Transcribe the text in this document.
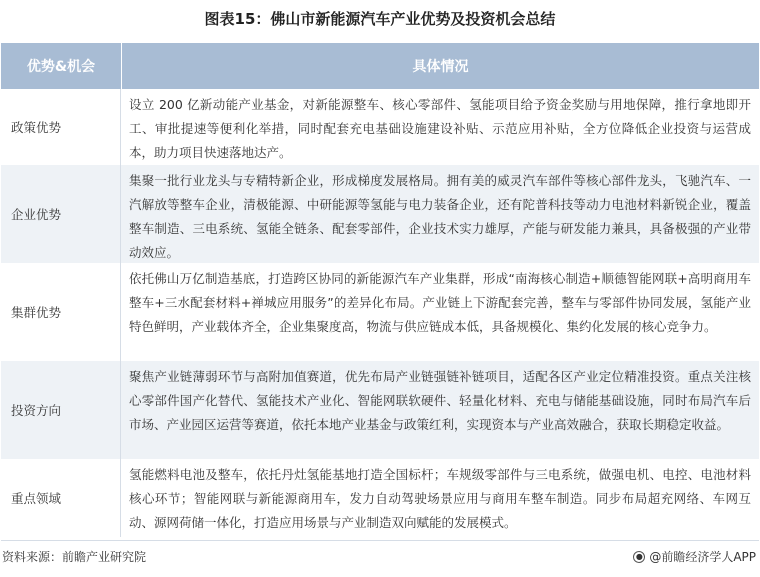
图表15：佛山市新能源汽车产业优势及投资机会总结
优势&机会	具体情况
政策优势
设立 200 亿新动能产业基金，对新能源整车、核心零部件、氢能项目给予资金奖励与用地保障，推行拿地即开工、审批提速等便利化举措，同时配套充电基础设施建设补贴、示范应用补贴，全方位降低企业投资与运营成本，助力项目快速落地达产。
企业优势
集聚一批行业龙头与专精特新企业，形成梯度发展格局。拥有美的威灵汽车部件等核心部件龙头，飞驰汽车、一汽解放等整车企业，清极能源、中研能源等氢能与电力装备企业，还有陀普科技等动力电池材料新锐企业，覆盖整车制造、三电系统、氢能全链条、配套零部件，企业技术实力雄厚，产能与研发能力兼具，具备极强的产业带动效应。
集群优势
依托佛山万亿制造基底，打造跨区协同的新能源汽车产业集群，形成“南海核心制造+顺德智能网联+高明商用车整车+三水配套材料+禅城应用服务”的差异化布局。产业链上下游配套完善，整车与零部件协同发展，氢能产业特色鲜明，产业载体齐全，企业集聚度高，物流与供应链成本低，具备规模化、集约化发展的核心竞争力。
投资方向
聚焦产业链薄弱环节与高附加值赛道，优先布局产业链强链补链项目，适配各区产业定位精准投资。重点关注核心零部件国产化替代、氢能技术产业化、智能网联软硬件、轻量化材料、充电与储能基础设施，同时布局汽车后市场、产业园区运营等赛道，依托本地产业基金与政策红利，实现资本与产业高效融合，获取长期稳定收益。
重点领域
氢能燃料电池及整车，依托丹灶氢能基地打造全国标杆；车规级零部件与三电系统，做强电机、电控、电池材料核心环节；智能网联与新能源商用车，发力自动驾驶场景应用与商用车整车制造。同步布局超充网络、车网互动、源网荷储一体化，打造应用场景与产业制造双向赋能的发展模式。
资料来源：前瞻产业研究院	● @前瞻经济学人APP
